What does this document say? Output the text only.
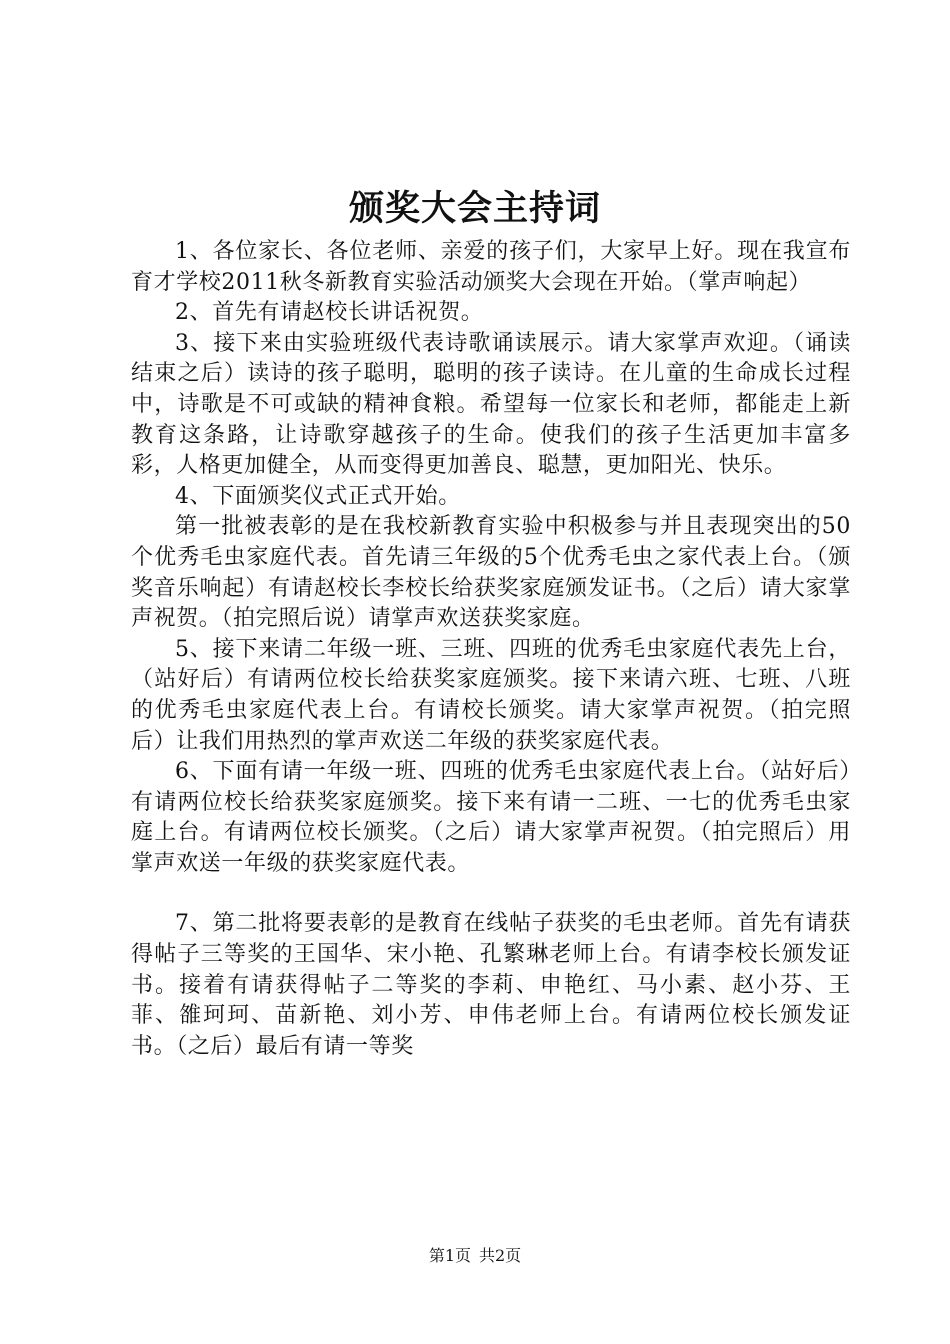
颁奖大会主持词

1、各位家长、各位老师、亲爱的孩子们，大家早上好。现在我宣布育才学校2011秋冬新教育实验活动颁奖大会现在开始。（掌声响起）

2、首先有请赵校长讲话祝贺。

3、接下来由实验班级代表诗歌诵读展示。请大家掌声欢迎。（诵读结束之后）读诗的孩子聪明，聪明的孩子读诗。在儿童的生命成长过程中，诗歌是不可或缺的精神食粮。希望每一位家长和老师，都能走上新教育这条路，让诗歌穿越孩子的生命。使我们的孩子生活更加丰富多彩，人格更加健全，从而变得更加善良、聪慧，更加阳光、快乐。

4、下面颁奖仪式正式开始。

第一批被表彰的是在我校新教育实验中积极参与并且表现突出的50个优秀毛虫家庭代表。首先请三年级的5个优秀毛虫之家代表上台。（颁奖音乐响起）有请赵校长李校长给获奖家庭颁发证书。（之后）请大家掌声祝贺。（拍完照后说）请掌声欢送获奖家庭。

5、接下来请二年级一班、三班、四班的优秀毛虫家庭代表先上台，（站好后）有请两位校长给获奖家庭颁奖。接下来请六班、七班、八班的优秀毛虫家庭代表上台。有请校长颁奖。请大家掌声祝贺。（拍完照后）让我们用热烈的掌声欢送二年级的获奖家庭代表。

6、下面有请一年级一班、四班的优秀毛虫家庭代表上台。（站好后）有请两位校长给获奖家庭颁奖。接下来有请一二班、一七的优秀毛虫家庭上台。有请两位校长颁奖。（之后）请大家掌声祝贺。（拍完照后）用掌声欢送一年级的获奖家庭代表。

7、第二批将要表彰的是教育在线帖子获奖的毛虫老师。首先有请获得帖子三等奖的王国华、宋小艳、孔繁琳老师上台。有请李校长颁发证书。接着有请获得帖子二等奖的李莉、申艳红、马小素、赵小芬、王菲、雒珂珂、苗新艳、刘小芳、申伟老师上台。有请两位校长颁发证书。（之后）最后有请一等奖

第1页 共2页
